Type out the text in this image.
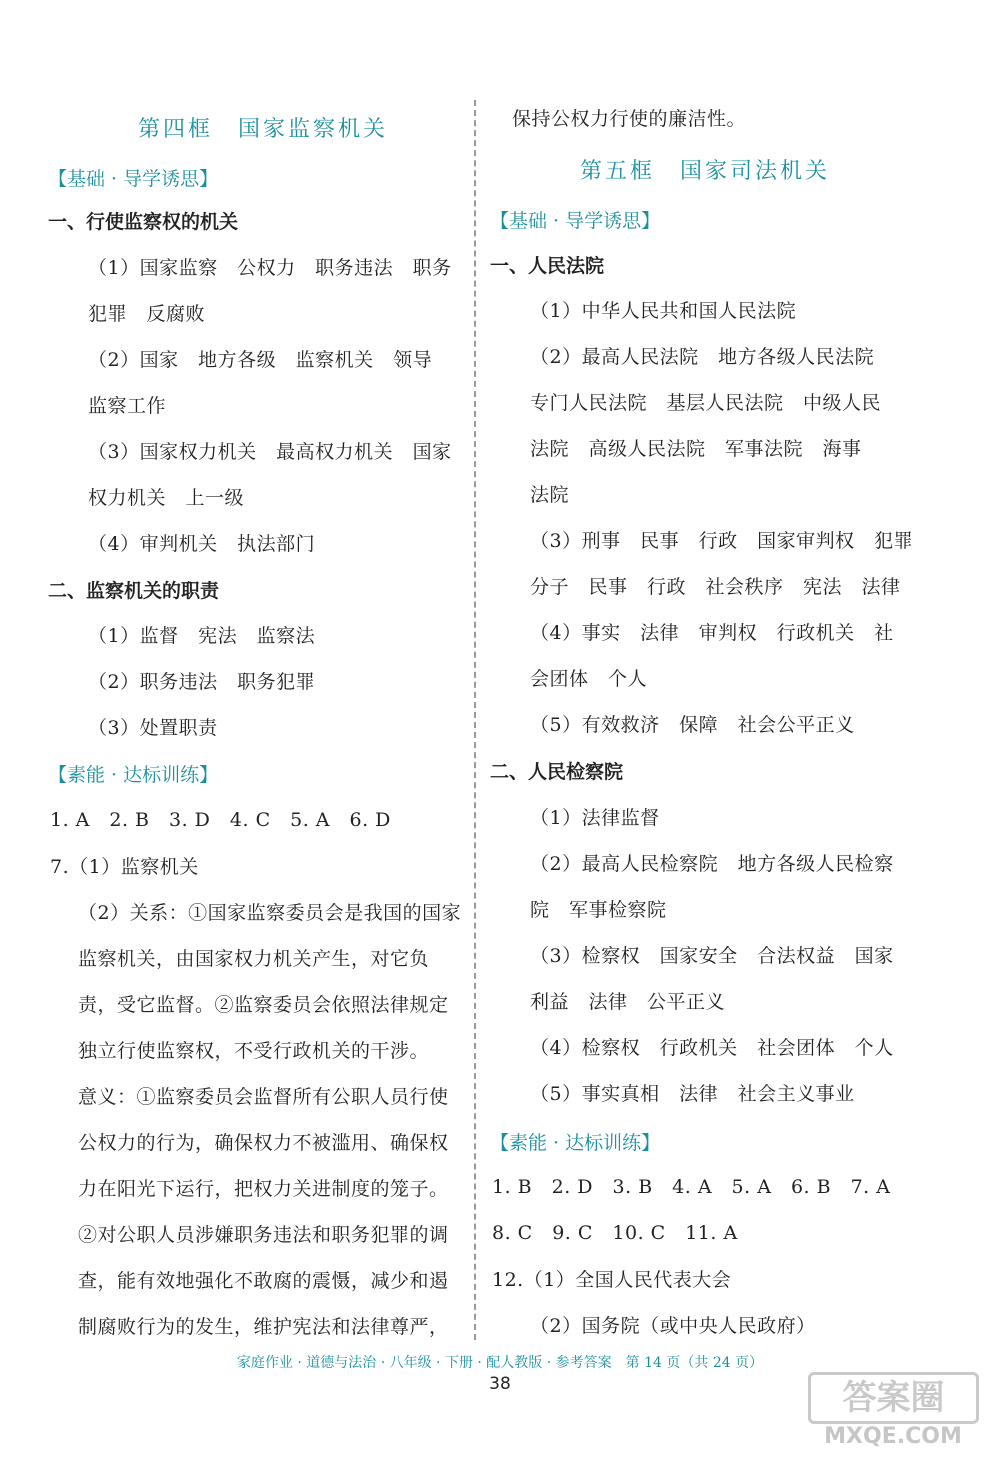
第四框　国家监察机关
【基础 · 导学诱思】
一、行使监察权的机关
（1）国家监察　公权力　职务违法　职务
犯罪　反腐败
（2）国家　地方各级　监察机关　领导
监察工作
（3）国家权力机关　最高权力机关　国家
权力机关　上一级
（4）审判机关　执法部门
二、监察机关的职责
（1）监督　宪法　监察法
（2）职务违法　职务犯罪
（3）处置职责
【素能 · 达标训练】
1. A　2. B　3. D　4. C　5. A　6. D
7.（1）监察机关
（2）关系：①国家监察委员会是我国的国家
监察机关，由国家权力机关产生，对它负
责，受它监督。②监察委员会依照法律规定
独立行使监察权，不受行政机关的干涉。
意义：①监察委员会监督所有公职人员行使
公权力的行为，确保权力不被滥用、确保权
力在阳光下运行，把权力关进制度的笼子。
②对公职人员涉嫌职务违法和职务犯罪的调
查，能有效地强化不敢腐的震慑，减少和遏
制腐败行为的发生，维护宪法和法律尊严，
保持公权力行使的廉洁性。
第五框　国家司法机关
【基础 · 导学诱思】
一、人民法院
（1）中华人民共和国人民法院
（2）最高人民法院　地方各级人民法院
专门人民法院　基层人民法院　中级人民
法院　高级人民法院　军事法院　海事
法院
（3）刑事　民事　行政　国家审判权　犯罪
分子　民事　行政　社会秩序　宪法　法律
（4）事实　法律　审判权　行政机关　社
会团体　个人
（5）有效救济　保障　社会公平正义
二、人民检察院
（1）法律监督
（2）最高人民检察院　地方各级人民检察
院　军事检察院
（3）检察权　国家安全　合法权益　国家
利益　法律　公平正义
（4）检察权　行政机关　社会团体　个人
（5）事实真相　法律　社会主义事业
【素能 · 达标训练】
1. B　2. D　3. B　4. A　5. A　6. B　7. A
8. C　9. C　10. C　11. A
12.（1）全国人民代表大会
（2）国务院（或中央人民政府）
家庭作业 · 道德与法治 · 八年级 · 下册 · 配人教版 · 参考答案　第 14 页（共 24 页）
38	答案圈
MXQE.COM
